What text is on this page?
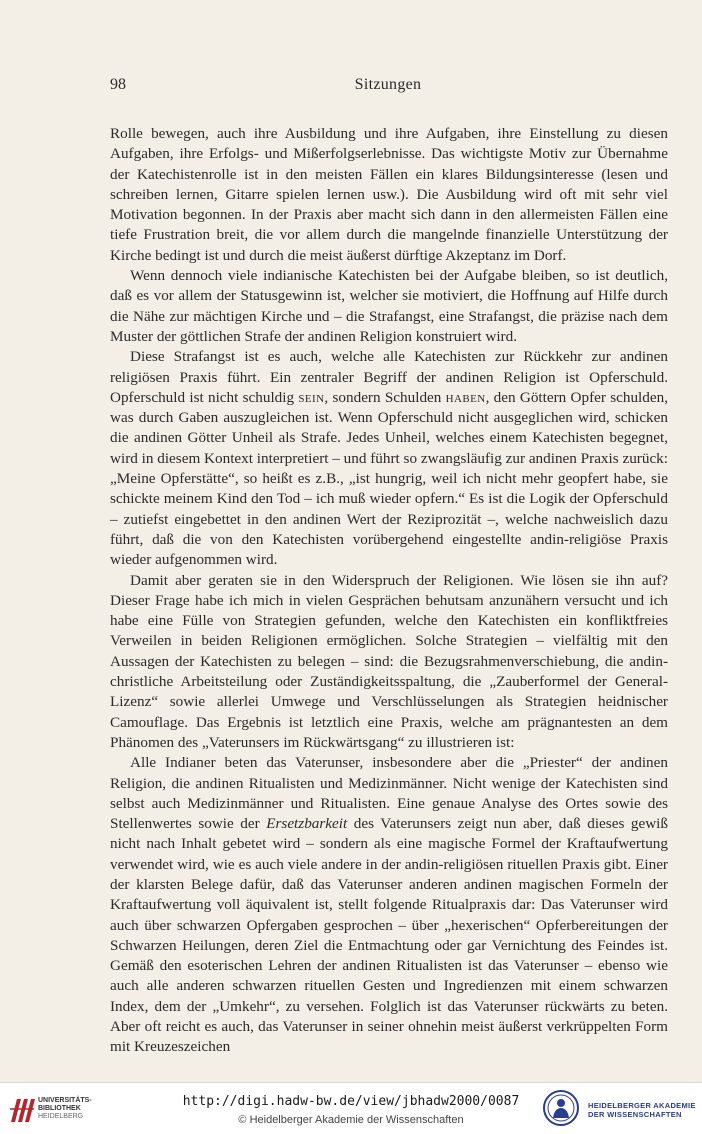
98	Sitzungen

Rolle bewegen, auch ihre Ausbildung und ihre Aufgaben, ihre Einstellung zu diesen Aufgaben, ihre Erfolgs- und Mißerfolgserlebnisse. Das wichtigste Motiv zur Übernahme der Katechistenrolle ist in den meisten Fällen ein klares Bildungsinteresse (lesen und schreiben lernen, Gitarre spielen lernen usw.). Die Ausbildung wird oft mit sehr viel Motivation begonnen. In der Praxis aber macht sich dann in den allermeisten Fällen eine tiefe Frustration breit, die vor allem durch die mangelnde finanzielle Unterstützung der Kirche bedingt ist und durch die meist äußerst dürftige Akzeptanz im Dorf.

Wenn dennoch viele indianische Katechisten bei der Aufgabe bleiben, so ist deutlich, daß es vor allem der Statusgewinn ist, welcher sie motiviert, die Hoffnung auf Hilfe durch die Nähe zur mächtigen Kirche und – die Strafangst, eine Strafangst, die präzise nach dem Muster der göttlichen Strafe der andinen Religion konstruiert wird.

Diese Strafangst ist es auch, welche alle Katechisten zur Rückkehr zur andinen religiösen Praxis führt. Ein zentraler Begriff der andinen Religion ist Opferschuld. Opferschuld ist nicht schuldig sein, sondern Schulden haben, den Göttern Opfer schulden, was durch Gaben auszugleichen ist. Wenn Opferschuld nicht ausgeglichen wird, schicken die andinen Götter Unheil als Strafe. Jedes Unheil, welches einem Katechisten begegnet, wird in diesem Kontext interpretiert – und führt so zwangsläufig zur andinen Praxis zurück: „Meine Opferstätte“, so heißt es z.B., „ist hungrig, weil ich nicht mehr geopfert habe, sie schickte meinem Kind den Tod – ich muß wieder opfern.“ Es ist die Logik der Opferschuld – zutiefst eingebettet in den andinen Wert der Reziprozität –, welche nachweislich dazu führt, daß die von den Katechisten vorübergehend eingestellte andin-religiöse Praxis wieder aufgenommen wird.

Damit aber geraten sie in den Widerspruch der Religionen. Wie lösen sie ihn auf? Dieser Frage habe ich mich in vielen Gesprächen behutsam anzunähern versucht und ich habe eine Fülle von Strategien gefunden, welche den Katechisten ein konfliktfreies Verweilen in beiden Religionen ermöglichen. Solche Strategien – vielfältig mit den Aussagen der Katechisten zu belegen – sind: die Bezugsrahmenverschiebung, die andin-christliche Arbeitsteilung oder Zuständigkeitsspaltung, die „Zauberformel der General-Lizenz“ sowie allerlei Umwege und Verschlüsselungen als Strategien heidnischer Camouflage. Das Ergebnis ist letztlich eine Praxis, welche am prägnantesten an dem Phänomen des „Vaterunsers im Rückwärtsgang“ zu illustrieren ist:

Alle Indianer beten das Vaterunser, insbesondere aber die „Priester“ der andinen Religion, die andinen Ritualisten und Medizinmänner. Nicht wenige der Katechisten sind selbst auch Medizinmänner und Ritualisten. Eine genaue Analyse des Ortes sowie des Stellenwertes sowie der Ersetzbarkeit des Vaterunsers zeigt nun aber, daß dieses gewiß nicht nach Inhalt gebetet wird – sondern als eine magische Formel der Kraftaufwertung verwendet wird, wie es auch viele andere in der andin-religiösen rituellen Praxis gibt. Einer der klarsten Belege dafür, daß das Vaterunser anderen andinen magischen Formeln der Kraftaufwertung voll äquivalent ist, stellt folgende Ritualpraxis dar: Das Vaterunser wird auch über schwarzen Opfergaben gesprochen – über „hexerischen“ Opferbereitungen der Schwarzen Heilungen, deren Ziel die Entmachtung oder gar Vernichtung des Feindes ist. Gemäß den esoterischen Lehren der andinen Ritualisten ist das Vaterunser – ebenso wie auch alle anderen schwarzen rituellen Gesten und Ingredienzen mit einem schwarzen Index, dem der „Umkehr“, zu versehen. Folglich ist das Vaterunser rückwärts zu beten. Aber oft reicht es auch, das Vaterunser in seiner ohnehin meist äußerst verkrüppelten Form mit Kreuzeszeichen

UNIVERSITÄTS-
BIBLIOTHEK
HEIDELBERG
http://digi.hadw-bw.de/view/jbhadw2000/0087
© Heidelberger Akademie der Wissenschaften
HEIDELBERGER AKADEMIE
DER WISSENSCHAFTEN
